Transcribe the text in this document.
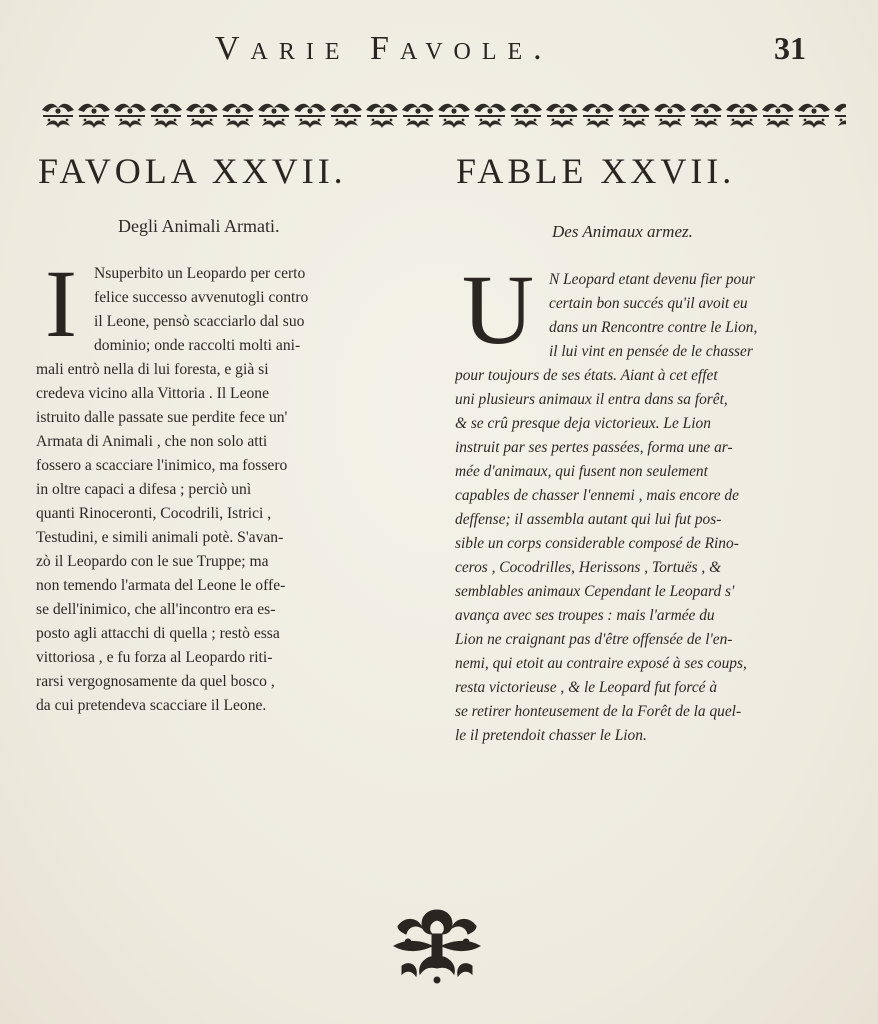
Varie Favole.	31
FAVOLA XXVII.	FABLE XXVII.
Degli Animali Armati.	Des Animaux armez.
I	Nsuperbito un Leopardo per certo
felice successo avvenutogli contro
il Leone, pensò scacciarlo dal suo
dominio; onde raccolti molti ani-
mali entrò nella di lui foresta, e già si
credeva vicino alla Vittoria . Il Leone
istruito dalle passate sue perdite fece un'
Armata di Animali , che non solo atti
fossero a scacciare l'inimico, ma fossero
in oltre capaci a difesa ; perciò unì
quanti Rinoceronti, Cocodrili, Istrici ,
Testudini, e simili animali potè. S'avan-
zò il Leopardo con le sue Truppe; ma
non temendo l'armata del Leone le offe-
se dell'inimico, che all'incontro era es-
posto agli attacchi di quella ; restò essa
vittoriosa , e fu forza al Leopardo riti-
rarsi vergognosamente da quel bosco ,
da cui pretendeva scacciare il Leone.
U N Leopard etant devenu fier pour
certain bon succés qu'il avoit eu
dans un Rencontre contre le Lion,
il lui vint en pensée de le chasser
pour toujours de ses états. Aiant à cet effet
uni plusieurs animaux il entra dans sa forêt,
& se crû presque deja victorieux. Le Lion
instruit par ses pertes passées, forma une ar-
mée d'animaux, qui fusent non seulement
capables de chasser l'ennemi , mais encore de
deffense; il assembla autant qui lui fut pos-
sible un corps considerable composé de Rino-
ceros , Cocodrilles, Herissons , Tortuës , &
semblables animaux Cependant le Leopard s'
avança avec ses troupes : mais l'armée du
Lion ne craignant pas d'être offensée de l'en-
nemi, qui etoit au contraire exposé à ses coups,
resta victorieuse , & le Leopard fut forcé à
se retirer honteusement de la Forêt de la quel-
le il pretendoit chasser le Lion.
